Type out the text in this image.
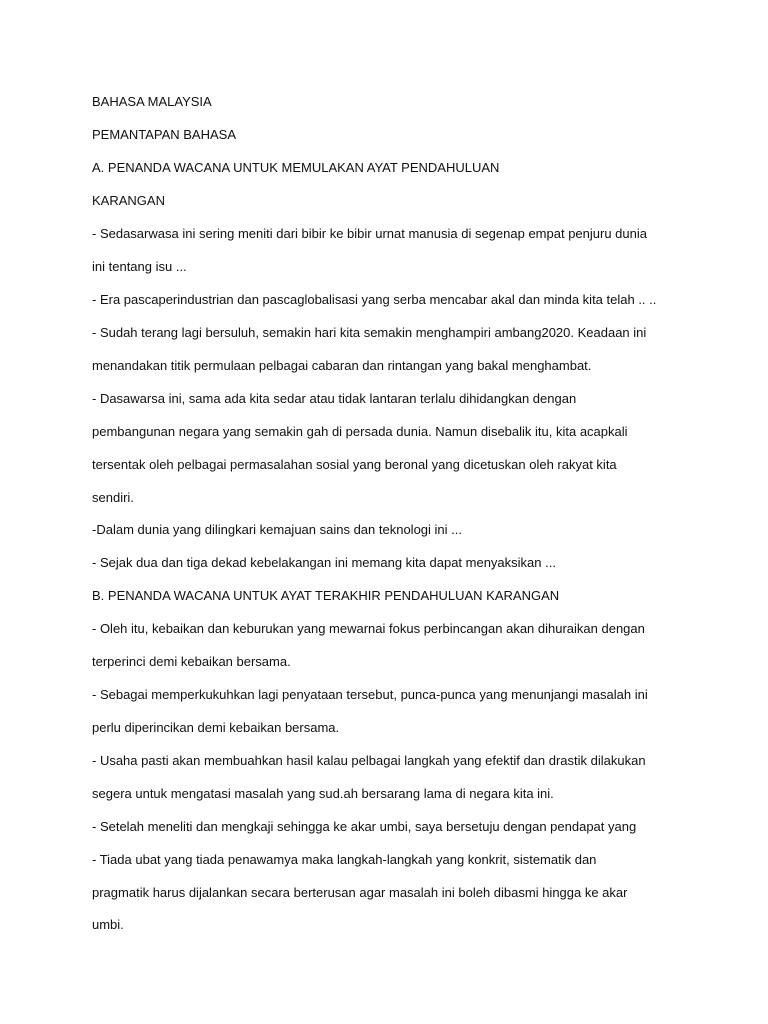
BAHASA MALAYSIA
PEMANTAPAN BAHASA
A. PENANDA WACANA UNTUK MEMULAKAN AYAT PENDAHULUAN
KARANGAN
- Sedasarwasa ini sering meniti dari bibir ke bibir urnat manusia di segenap empat penjuru dunia
ini tentang isu ...
- Era pascaperindustrian dan pascaglobalisasi yang serba mencabar akal dan minda kita telah .. ..
- Sudah terang lagi bersuluh, semakin hari kita semakin menghampiri ambang2020. Keadaan ini
menandakan titik permulaan pelbagai cabaran dan rintangan yang bakal menghambat.
- Dasawarsa ini, sama ada kita sedar atau tidak lantaran terlalu dihidangkan dengan
pembangunan negara yang semakin gah di persada dunia. Namun disebalik itu, kita acapkali
tersentak oleh pelbagai permasalahan sosial yang beronal yang dicetuskan oleh rakyat kita
sendiri.
-Dalam dunia yang dilingkari kemajuan sains dan teknologi ini ...
- Sejak dua dan tiga dekad kebelakangan ini memang kita dapat menyaksikan ...
B. PENANDA WACANA UNTUK AYAT TERAKHIR PENDAHULUAN KARANGAN
- Oleh itu, kebaikan dan keburukan yang mewarnai fokus perbincangan akan dihuraikan dengan
terperinci demi kebaikan bersama.
- Sebagai memperkukuhkan lagi penyataan tersebut, punca-punca yang menunjangi masalah ini
perlu diperincikan demi kebaikan bersama.
- Usaha pasti akan membuahkan hasil kalau pelbagai langkah yang efektif dan drastik dilakukan
segera untuk mengatasi masalah yang sud.ah bersarang lama di negara kita ini.
- Setelah meneliti dan mengkaji sehingga ke akar umbi, saya bersetuju dengan pendapat yang
- Tiada ubat yang tiada penawamya maka langkah-langkah yang konkrit, sistematik dan
pragmatik harus dijalankan secara berterusan agar masalah ini boleh dibasmi hingga ke akar
umbi.
